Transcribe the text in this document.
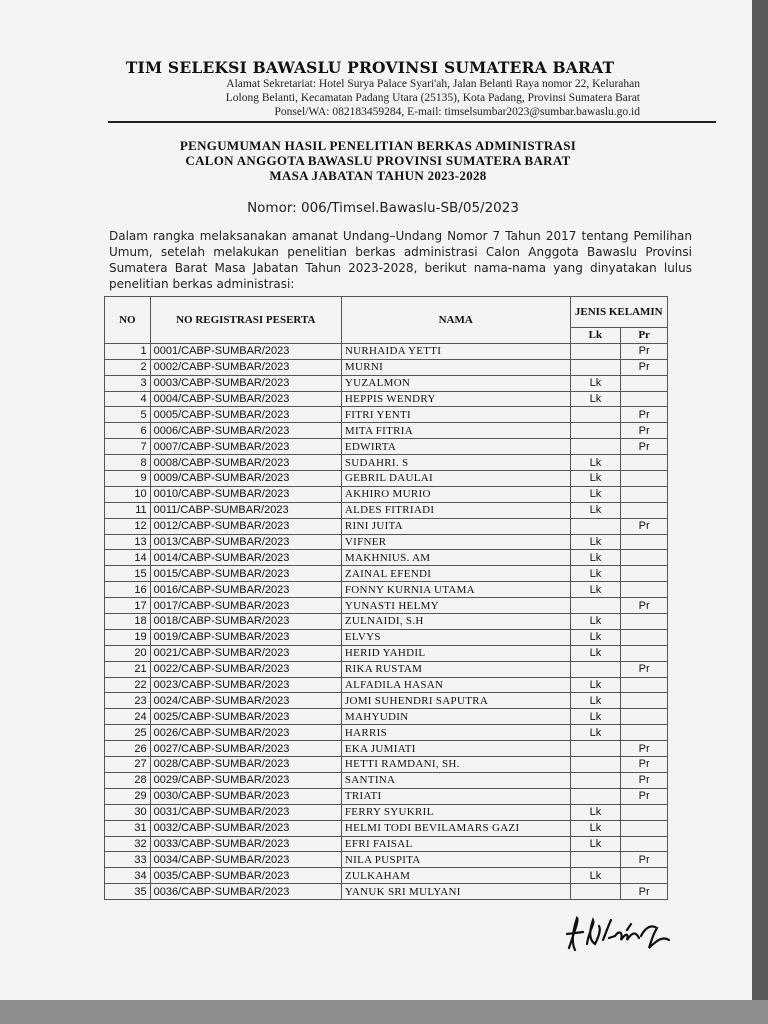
TIM SELEKSI BAWASLU PROVINSI SUMATERA BARAT
Alamat Sekretariat: Hotel Surya Palace Syari'ah, Jalan Belanti Raya nomor 22, Kelurahan
Lolong Belanti, Kecamatan Padang Utara (25135), Kota Padang, Provinsi Sumatera Barat
Ponsel/WA: 082183459284, E-mail: timselsumbar2023@sumbar.bawaslu.go.id
PENGUMUMAN HASIL PENELITIAN BERKAS ADMINISTRASI
CALON ANGGOTA BAWASLU PROVINSI SUMATERA BARAT
MASA JABATAN TAHUN 2023-2028
Nomor: 006/Timsel.Bawaslu-SB/05/2023
Dalam rangka melaksanakan amanat Undang–Undang Nomor 7 Tahun 2017 tentang Pemilihan Umum, setelah melakukan penelitian berkas administrasi Calon Anggota Bawaslu Provinsi Sumatera Barat Masa Jabatan Tahun 2023-2028, berikut nama-nama yang dinyatakan lulus penelitian berkas administrasi:
NO	NO REGISTRASI PESERTA	NAMA	JENIS KELAMIN	
			Lk	Pr
1	0001/CABP-SUMBAR/2023	NURHAIDA YETTI		Pr
2	0002/CABP-SUMBAR/2023	MURNI		Pr
3	0003/CABP-SUMBAR/2023	YUZALMON	Lk	
4	0004/CABP-SUMBAR/2023	HEPPIS WENDRY	Lk	
5	0005/CABP-SUMBAR/2023	FITRI YENTI		Pr
6	0006/CABP-SUMBAR/2023	MITA FITRIA		Pr
7	0007/CABP-SUMBAR/2023	EDWIRTA		Pr
8	0008/CABP-SUMBAR/2023	SUDAHRI. S	Lk	
9	0009/CABP-SUMBAR/2023	GEBRIL DAULAI	Lk	
10	0010/CABP-SUMBAR/2023	AKHIRO MURIO	Lk	
11	0011/CABP-SUMBAR/2023	ALDES FITRIADI	Lk	
12	0012/CABP-SUMBAR/2023	RINI JUITA		Pr
13	0013/CABP-SUMBAR/2023	VIFNER	Lk	
14	0014/CABP-SUMBAR/2023	MAKHNIUS. AM	Lk	
15	0015/CABP-SUMBAR/2023	ZAINAL EFENDI	Lk	
16	0016/CABP-SUMBAR/2023	FONNY KURNIA UTAMA	Lk	
17	0017/CABP-SUMBAR/2023	YUNASTI HELMY		Pr
18	0018/CABP-SUMBAR/2023	ZULNAIDI, S.H	Lk	
19	0019/CABP-SUMBAR/2023	ELVYS	Lk	
20	0021/CABP-SUMBAR/2023	HERID YAHDIL	Lk	
21	0022/CABP-SUMBAR/2023	RIKA RUSTAM		Pr
22	0023/CABP-SUMBAR/2023	ALFADILA HASAN	Lk	
23	0024/CABP-SUMBAR/2023	JOMI SUHENDRI SAPUTRA	Lk	
24	0025/CABP-SUMBAR/2023	MAHYUDIN	Lk	
25	0026/CABP-SUMBAR/2023	HARRIS	Lk	
26	0027/CABP-SUMBAR/2023	EKA JUMIATI		Pr
27	0028/CABP-SUMBAR/2023	HETTI RAMDANI, SH.		Pr
28	0029/CABP-SUMBAR/2023	SANTINA		Pr
29	0030/CABP-SUMBAR/2023	TRIATI		Pr
30	0031/CABP-SUMBAR/2023	FERRY SYUKRIL	Lk	
31	0032/CABP-SUMBAR/2023	HELMI TODI BEVILAMARS GAZI	Lk	
32	0033/CABP-SUMBAR/2023	EFRI FAISAL	Lk	
33	0034/CABP-SUMBAR/2023	NILA PUSPITA		Pr
34	0035/CABP-SUMBAR/2023	ZULKAHAM	Lk	
35	0036/CABP-SUMBAR/2023	YANUK SRI MULYANI		Pr
